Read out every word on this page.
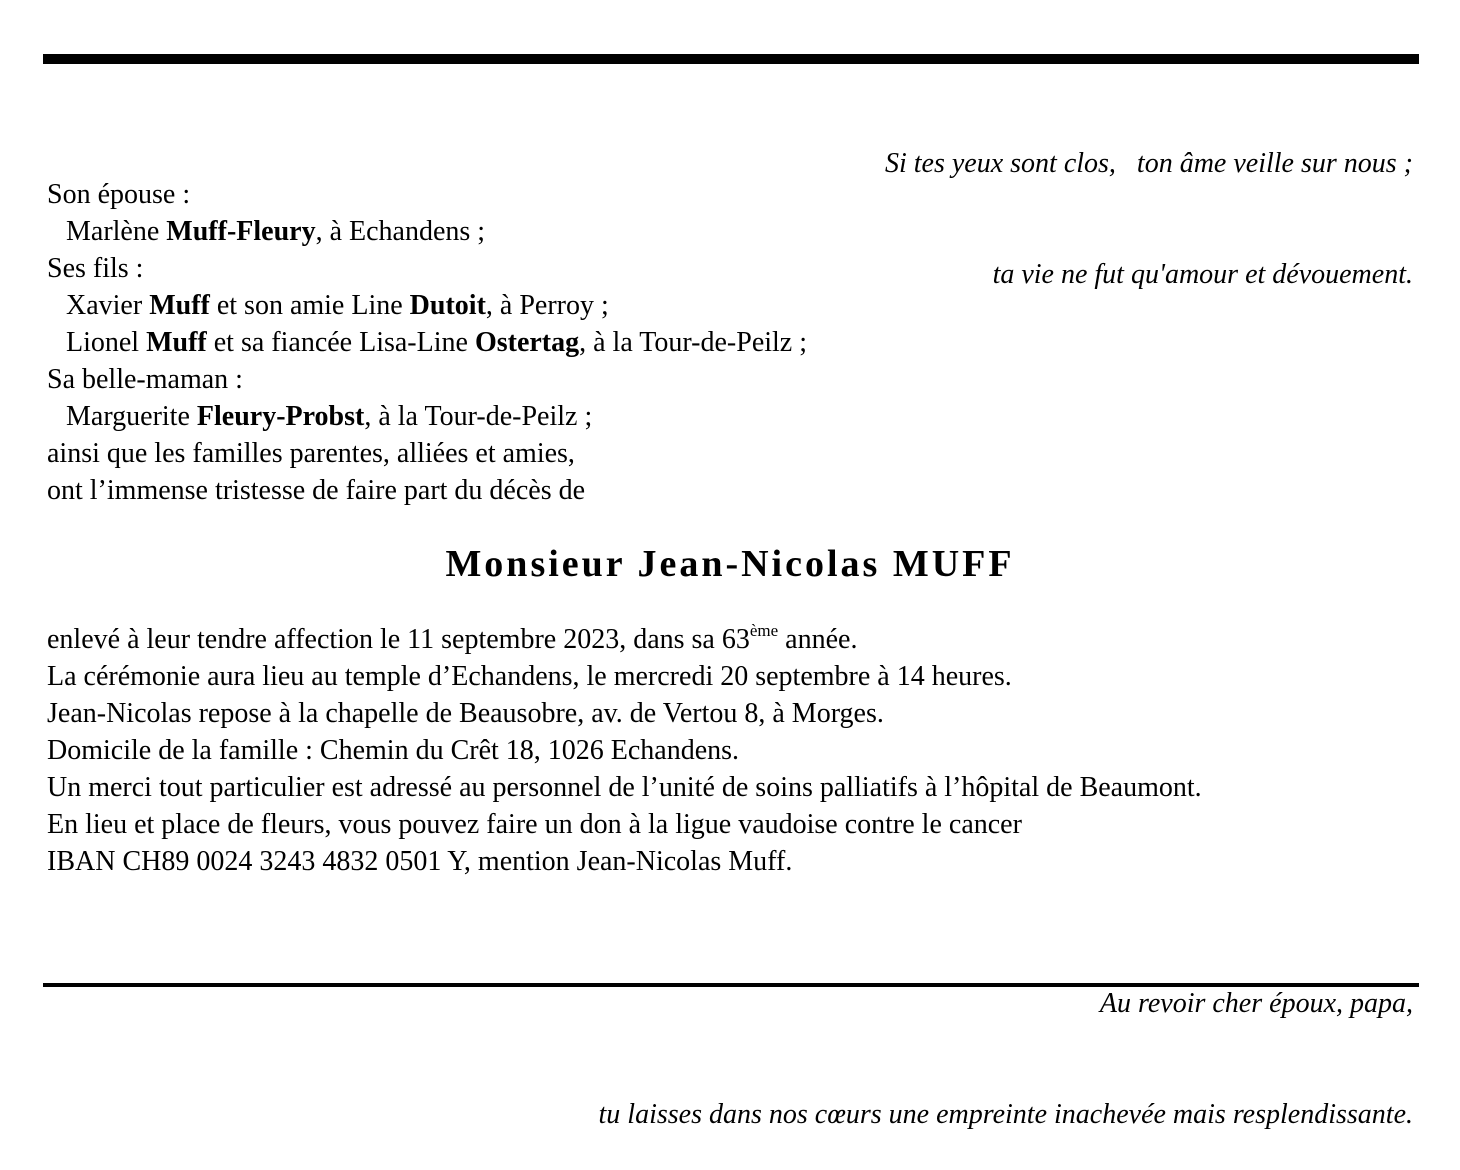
Si tes yeux sont clos,   ton âme veille sur nous ;

ta vie ne fut qu'amour et dévouement.

Son épouse :
Marlène Muff-Fleury, à Echandens ;
Ses fils :
Xavier Muff et son amie Line Dutoit, à Perroy ;
Lionel Muff et sa fiancée Lisa-Line Ostertag, à la Tour-de-Peilz ;
Sa belle-maman :
Marguerite Fleury-Probst, à la Tour-de-Peilz ;
ainsi que les familles parentes, alliées et amies,
ont l’immense tristesse de faire part du décès de
Monsieur Jean-Nicolas MUFF
enlevé à leur tendre affection le 11 septembre 2023, dans sa 63ème année.
La cérémonie aura lieu au temple d’Echandens, le mercredi 20 septembre à 14 heures.
Jean-Nicolas repose à la chapelle de Beausobre, av. de Vertou 8, à Morges.
Domicile de la famille : Chemin du Crêt 18, 1026 Echandens.
Un merci tout particulier est adressé au personnel de l’unité de soins palliatifs à l’hôpital de Beaumont.
En lieu et place de fleurs, vous pouvez faire un don à la ligue vaudoise contre le cancer
IBAN CH89 0024 3243 4832 0501 Y, mention Jean-Nicolas Muff.

Au revoir cher époux, papa,

tu laisses dans nos cœurs une empreinte inachevée mais resplendissante.
